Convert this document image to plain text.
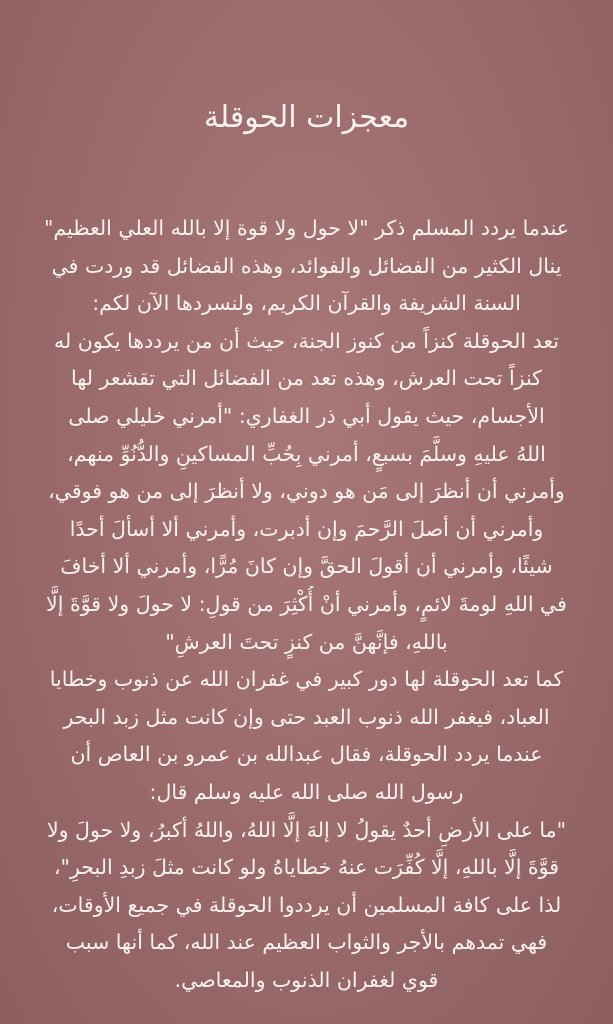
معجزات الحوقلة
عندما يردد المسلم ذكر "لا حول ولا قوة إلا بالله العلي العظيم"
ينال الكثير من الفضائل والفوائد، وهذه الفضائل قد وردت في
السنة الشريفة والقرآن الكريم، ولنسردها الآن لكم:
تعد الحوقلة كنزاً من كنوز الجنة، حيث أن من يرددها يكون له
كنزاً تحت العرش، وهذه تعد من الفضائل التي تقشعر لها
الأجسام، حيث يقول أبي ذر الغفاري: "أمرني خليلي صلى
اللهُ عليهِ وسلَّمَ بسبعٍ، أمرني بِحُبِّ المساكينِ والدُّنُوِّ منهم،
وأمرني أن أنظرَ إلى مَن هو دوني، ولا أنظرَ إلى من هو فوقي،
وأمرني أن أصلَ الرَّحمَ وإن أدبرت، وأمرني ألا أسألَ أحدًا
شيئًا، وأمرني أن أقولَ الحقَّ وإن كانَ مُرًّا، وأمرني ألا أخافَ
في اللهِ لومةَ لائمٍ، وأمرني أنْ أُكْثِرَ من قولِ: لا حولَ ولا قوَّةَ إلَّا
باللهِ، فإنَّهنَّ من كنزٍ تحتَ العرشِ"
كما تعد الحوقلة لها دور كبير في غفران الله عن ذنوب وخطايا
العباد، فيغفر الله ذنوب العبد حتى وإن كانت مثل زبد البحر
عندما يردد الحوقلة، فقال عبدالله بن عمرو بن العاص أن
رسول الله صلى الله عليه وسلم قال:
"ما على الأرضِ أحدٌ يقولُ لا إلهَ إلَّا اللهُ، واللهُ أكبرُ، ولا حولَ ولا
قوَّةَ إلَّا باللهِ، إلَّا كُفِّرَت عنهُ خطاياهُ ولو كانت مثلَ زبدِ البحرِ"،
لذا على كافة المسلمين أن يرددوا الحوقلة في جميع الأوقات،
فهي تمدهم بالأجر والثواب العظيم عند الله، كما أنها سبب
قوي لغفران الذنوب والمعاصي.
